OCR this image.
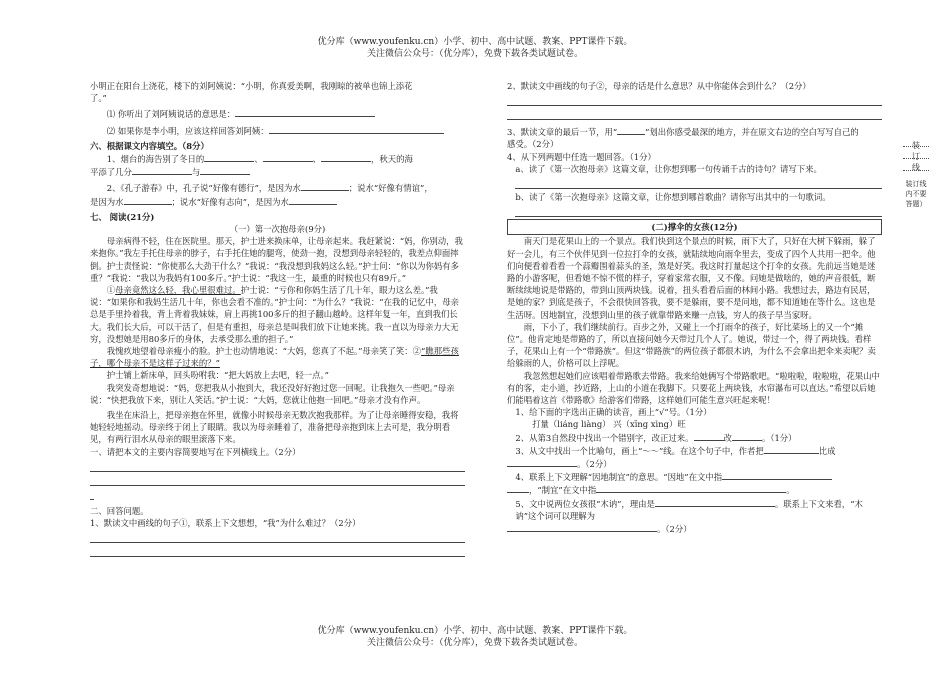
优分库（www.youfenku.cn）小学、初中、高中试题、教案、PPT课件下载。
关注微信公众号：（优分库），免费下载各类试题试卷。
装
订
线
装订线内不要答题）

小明正在阳台上浇花，楼下的刘阿姨说：“小明，你真爱美啊，我刚晾的被单也锦上添花

了。”

⑴ 你听出了刘阿姨说话的意思是：

⑵ 如果你是李小明，应该这样回答刘阿姨：

六、根据课文内容填空。（8分）

1、烟台的海告别了冬日的	、	、	，秋天的海

平添了几分	与

2、《孔子游春》中，孔子说“好像有德行”，是因为水	；说水“好像有情谊”，

是因为水	；说水“好像有志向”，是因为水

七、 阅读(21分)

（一）第一次抱母亲(9分)

母亲病得不轻，住在医院里。那天，护士进来换床单，让母亲起来。我赶紧说：“妈，你别动，我来抱你。”我左手托住母亲的脖子，右手托住她的腿弯，使劲一抱，没想到母亲轻轻的，我差点仰面摔倒。护士责怪说：“你使那么大劲干什么？”我说：“我没想到我妈这么轻。”护士问：“你以为你妈有多重？”我说：“我以为我妈有100多斤。”护士说：“我这一生，最重的时候也只有89斤。”

①母亲竟然这么轻，我心里很难过。护士说：“亏你和你妈生活了几十年，眼力这么差。”我说：“如果你和我妈生活几十年，你也会看不准的。”护士问：“为什么？”我说：“在我的记忆中，母亲总是手里拎着我，背上背着我妹妹，肩上再挑100多斤的担子翻山越岭。这样年复一年，直到我们长大。我们长大后，可以干活了，但是有重担，母亲总是叫我们放下让她来挑。我一直以为母亲力大无穷，没想她是用80多斤的身体，去承受那么重的担子。”

我愧疚地望着母亲瘦小的脸。护士也动情地说：“大妈，您真了不起。”母亲笑了笑：②“瞧那些孩子，哪个母亲不是这样子过来的？”

护士铺上新床单，回头吩咐我：“把大妈放上去吧，轻一点。”

我突发奇想地说：“妈，您把我从小抱到大，我还没好好抱过您一回呢。让我抱久一些吧。”母亲说：“快把我放下来，别让人笑话。”护士说：“大妈，您就让他抱一回吧。”母亲才没有作声。

我坐在床沿上，把母亲抱在怀里，就像小时候母亲无数次抱我那样。为了让母亲睡得安稳，我将她轻轻地摇动。母亲终于闭上了眼睛。我以为母亲睡着了，准备把母亲抱到床上去可是，我分明看见，有两行泪水从母亲的眼里滚落下来。

一、请把本文的主要内容简要地写在下列横线上。（2分）

二、回答问题。

1、默读文中画线的句子①，联系上下文想想，“我”为什么难过？（2分）

2、默读文中画线的句子②，母亲的话是什么意思？从中你能体会到什么？（2分）

3、默读文章的最后一节，用“	”划出你感受最深的地方，并在原文右边的空白写写自己的

感受。（2分）

4、从下列两题中任选一题回答。（1分）

a、读了《第一次抱母亲》这篇文章，让你想到哪一句传诵千古的诗句？请写下来。

b、读了《第一次抱母亲》这篇文章，让你想到哪首歌曲？请你写出其中的一句歌词。

(二)撑伞的女孩(12分)

南天门是花果山上的一个景点。我们快到这个景点的时候，雨下大了，只好在大树下躲雨，躲了好一会儿，有三个伙伴见到一位拉打伞的女孩，就陆续地向雨伞里去，变成了四个人共用一把伞。他们向便看着看看一个蒜瓣围着蒜头的圣，煞是好笑。我这时打量起这个打伞的女孩。先前远当她是迷路的小游客呢，但看她不惊不慌的样子，穿着家常衣服，又不像。问她是做啥的，她的声音很低，断断续续地说是带路的，带到山顶两块钱。说着，扭头看看后面的林间小路。我想过去，路边有民居，是她的家？到底是孩子，不会很快回答我，要不是躲雨，要不是问地，都不知道她在等什么。这也是生活呀。因地制宜，没想到山里的孩子就靠带路来赚一点钱，穷人的孩子早当家呀。

雨，下小了，我们继续前行。百步之外，又碰上一个打雨伞的孩子，好比菜场上的又一个“摊位”。他肯定地是带路的了，所以直接问她今天带过几个人了。她说，带过一个，得了两块钱。看样子，花果山上有一个“带路族”。但这“带路族”的两位孩子都很木讷，为什么不会拿出把伞来卖呢？卖给躲雨的人，价格可以上浮呢。

我忽然想起她们应该唱着带路歌去带路。我来给她俩写个带路歌吧。“啦啦啦，啦啦啦，花果山中有的客，走小道，抄近路，上山的小道在我脚下。只要花上两块钱，水帘瀑布可以直达。”希望以后她们能唱着这首《带路歌》给游客们带路，这样她们可能生意兴旺起来呢！

1、给下面的字选出正确的读音，画上“√”号。（1分）

打量（liáng liàng） 兴（xīng xìng）旺

2、从第3自然段中找出一个错别字，改正过来。	改	。（1分）

3、从文中找出一个比喻句，画上“～～”线。在这个句子中，作者把	比成

。（2分）

4、联系上下文理解“因地制宜”的意思。“因地”在文中指

，“制宜”在文中指	。

5、文中说两位女孩很“木讷”，理由是	。联系上下文来看，“木讷”这个词可以理解为

。（2分）

优分库（www.youfenku.cn）小学、初中、高中试题、教案、PPT课件下载。
关注微信公众号：（优分库），免费下载各类试题试卷。
